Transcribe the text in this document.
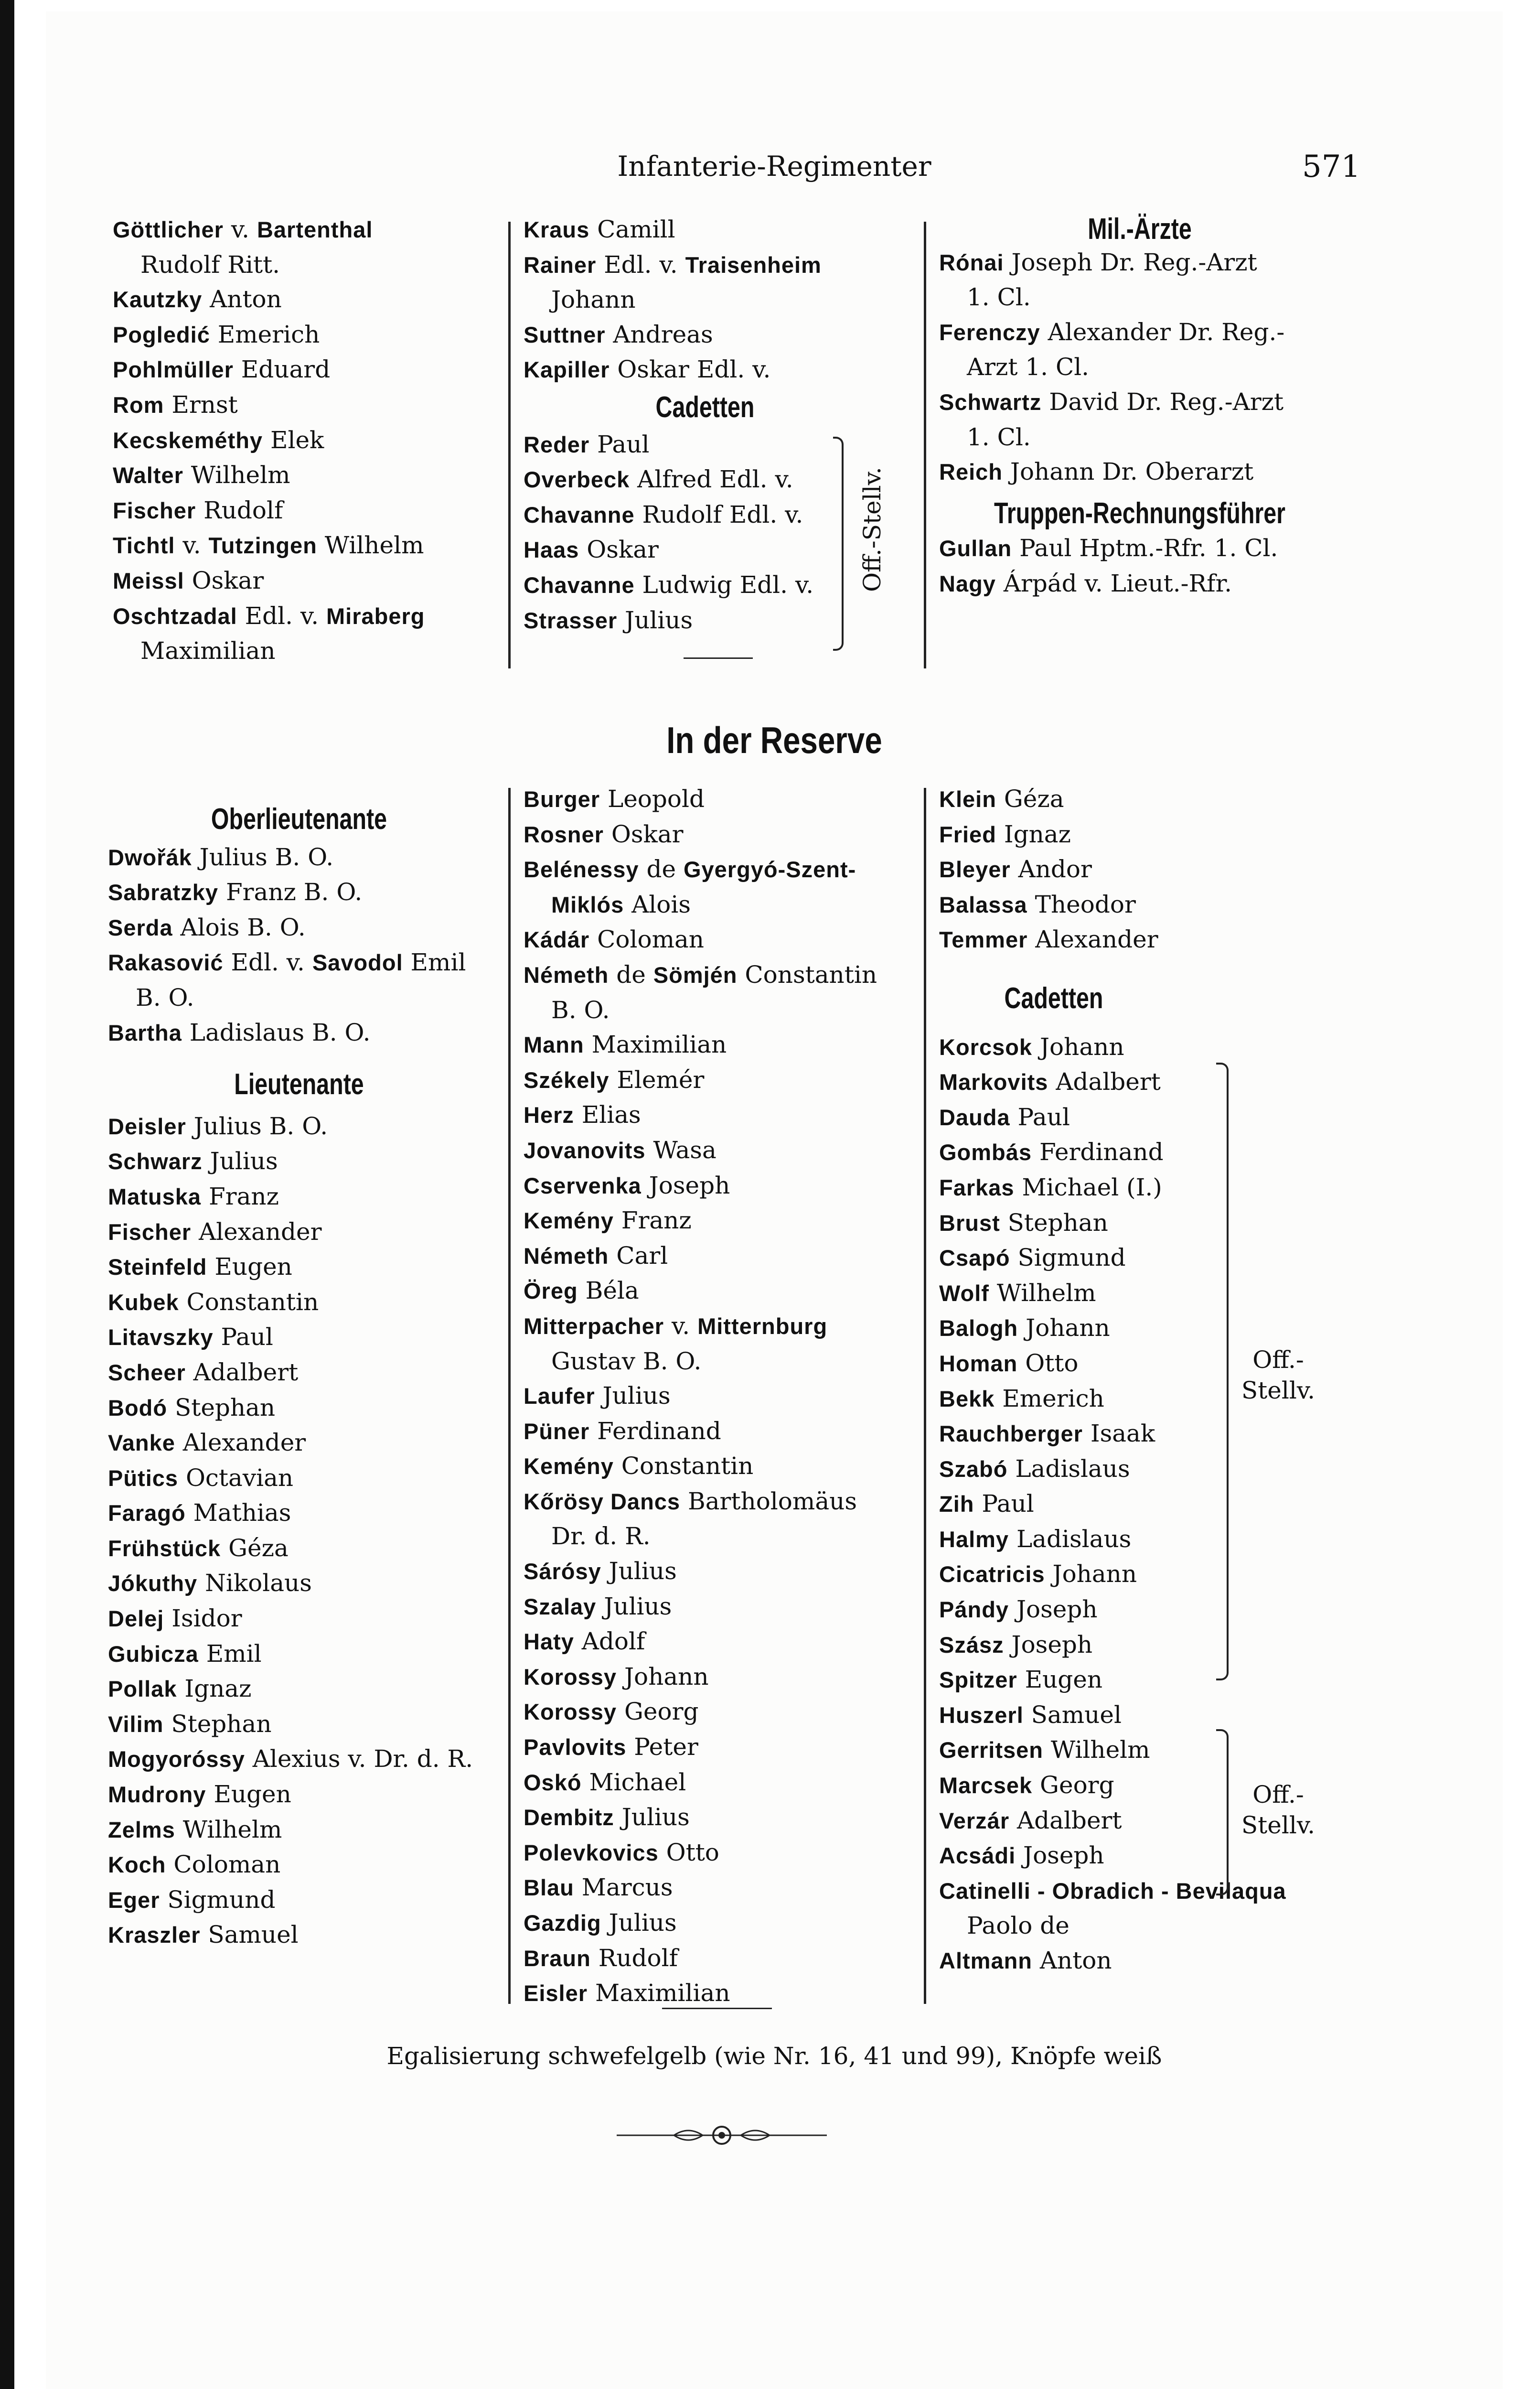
Infanterie-Regimenter	571
Göttlicher v. Bartenthal
Rudolf Ritt.
Kautzky Anton
Pogledić Emerich
Pohlmüller Eduard
Rom Ernst
Kecskeméthy Elek
Walter Wilhelm
Fischer Rudolf
Tichtl v. Tutzingen Wilhelm
Meissl Oskar
Oschtzadal Edl. v. Miraberg
Maximilian
Kraus Camill
Rainer Edl. v. Traisenheim
Johann
Suttner Andreas
Kapiller Oskar Edl. v.
Cadetten
Reder Paul
Overbeck Alfred Edl. v.
Chavanne Rudolf Edl. v.
Haas Oskar
Chavanne Ludwig Edl. v.
Strasser Julius
Off.-Stellv.
Mil.-Ärzte
Rónai Joseph Dr. Reg.-Arzt
1. Cl.
Ferenczy Alexander Dr. Reg.-
Arzt 1. Cl.
Schwartz David Dr. Reg.-Arzt
1. Cl.
Reich Johann Dr. Oberarzt
Truppen-Rechnungsführer
Gullan Paul Hptm.-Rfr. 1. Cl.
Nagy Árpád v. Lieut.-Rfr.
In der Reserve
Oberlieutenante
Dwořák Julius B. O.
Sabratzky Franz B. O.
Serda Alois B. O.
Rakasović Edl. v. Savodol Emil
B. O.
Bartha Ladislaus B. O.
Lieutenante
Deisler Julius B. O.
Schwarz Julius
Matuska Franz
Fischer Alexander
Steinfeld Eugen
Kubek Constantin
Litavszky Paul
Scheer Adalbert
Bodó Stephan
Vanke Alexander
Pütics Octavian
Faragó Mathias
Frühstück Géza
Jókuthy Nikolaus
Delej Isidor
Gubicza Emil
Pollak Ignaz
Vilim Stephan
Mogyoróssy Alexius v. Dr. d. R.
Mudrony Eugen
Zelms Wilhelm
Koch Coloman
Eger Sigmund
Kraszler Samuel
Burger Leopold
Rosner Oskar
Belénessy de Gyergyó-Szent-
Miklós Alois
Kádár Coloman
Németh de Sömjén Constantin
B. O.
Mann Maximilian
Székely Elemér
Herz Elias
Jovanovits Wasa
Cservenka Joseph
Kemény Franz
Németh Carl
Öreg Béla
Mitterpacher v. Mitternburg
Gustav B. O.
Laufer Julius
Püner Ferdinand
Kemény Constantin
Kőrösy Dancs Bartholomäus
Dr. d. R.
Sárósy Julius
Szalay Julius
Haty Adolf
Korossy Johann
Korossy Georg
Pavlovits Peter
Oskó Michael
Dembitz Julius
Polevkovics Otto
Blau Marcus
Gazdig Julius
Braun Rudolf
Eisler Maximilian
Klein Géza
Fried Ignaz
Bleyer Andor
Balassa Theodor
Temmer Alexander
Cadetten
Korcsok Johann
Markovits Adalbert
Dauda Paul
Gombás Ferdinand
Farkas Michael (I.)
Brust Stephan
Csapó Sigmund
Wolf Wilhelm
Balogh Johann
Homan Otto
Bekk Emerich
Rauchberger Isaak
Szabó Ladislaus
Zih Paul
Halmy Ladislaus
Cicatricis Johann
Pándy Joseph
Szász Joseph
Spitzer Eugen
Huszerl Samuel
Gerritsen Wilhelm
Marcsek Georg
Verzár Adalbert
Acsádi Joseph
Catinelli - Obradich - Bevilaqua
Paolo de
Altmann Anton
Off.-
Stellv.
Off.-
Stellv.
Egalisierung schwefelgelb (wie Nr. 16, 41 und 99), Knöpfe weiß
